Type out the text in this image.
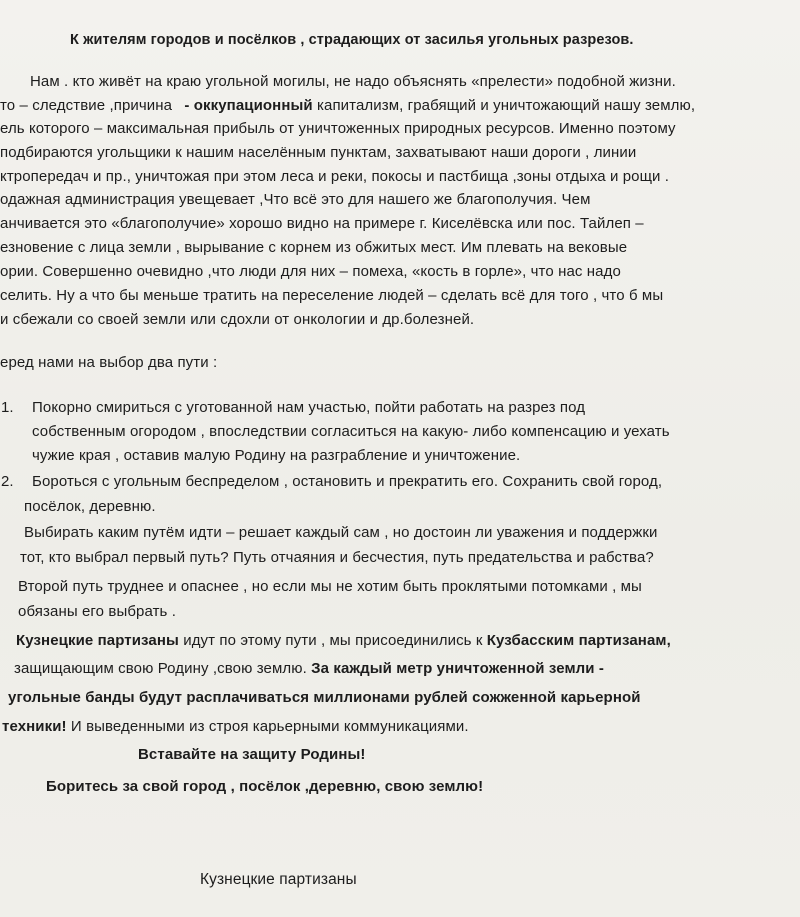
К жителям городов и посёлков , страдающих от засилья угольных разрезов.
Нам . кто живёт на краю угольной могилы, не надо объяснять «прелести» подобной жизни.
то – следствие ,причина - оккупационный капитализм, грабящий и уничтожающий нашу землю,
ель которого – максимальная прибыль от уничтоженных природных ресурсов. Именно поэтому
подбираются угольщики к нашим населённым пунктам, захватывают наши дороги , линии
ктропередач и пр., уничтожая при этом леса и реки, покосы и пастбища ,зоны отдыха и рощи .
одажная администрация увещевает ,Что всё это для нашего же благополучия. Чем
анчивается это «благополучие» хорошо видно на примере г. Киселёвска или пос. Тайлеп –
езновение с лица земли , вырывание с корнем из обжитых мест. Им плевать на вековые
ории. Совершенно очевидно ,что люди для них – помеха, «кость в горле», что нас надо
селить. Ну а что бы меньше тратить на переселение людей – сделать всё для того , что б мы
и сбежали со своей земли или сдохли от онкологии и др.болезней.
еред нами на выбор два пути :
1. Покорно смириться с уготованной нам участью, пойти работать на разрез под
собственным огородом , впоследствии согласиться на какую- либо компенсацию и уехать
чужие края , оставив малую Родину на разграбление и уничтожение.
2. Бороться с угольным беспределом , остановить и прекратить его. Сохранить свой город,
посёлок, деревню.
Выбирать каким путём идти – решает каждый сам , но достоин ли уважения и поддержки
тот, кто выбрал первый путь? Путь отчаяния и бесчестия, путь предательства и рабства?
Второй путь труднее и опаснее , но если мы не хотим быть проклятыми потомками , мы
обязаны его выбрать .
Кузнецкие партизаны идут по этому пути , мы присоединились к Кузбасским партизанам,
защищающим свою Родину ,свою землю. За каждый метр уничтоженной земли -
угольные банды будут расплачиваться миллионами рублей сожженной карьерной
техники! И выведенными из строя карьерными коммуникациями.
Вставайте на защиту Родины!
Боритесь за свой город , посёлок ,деревню, свою землю!
Кузнецкие партизаны
